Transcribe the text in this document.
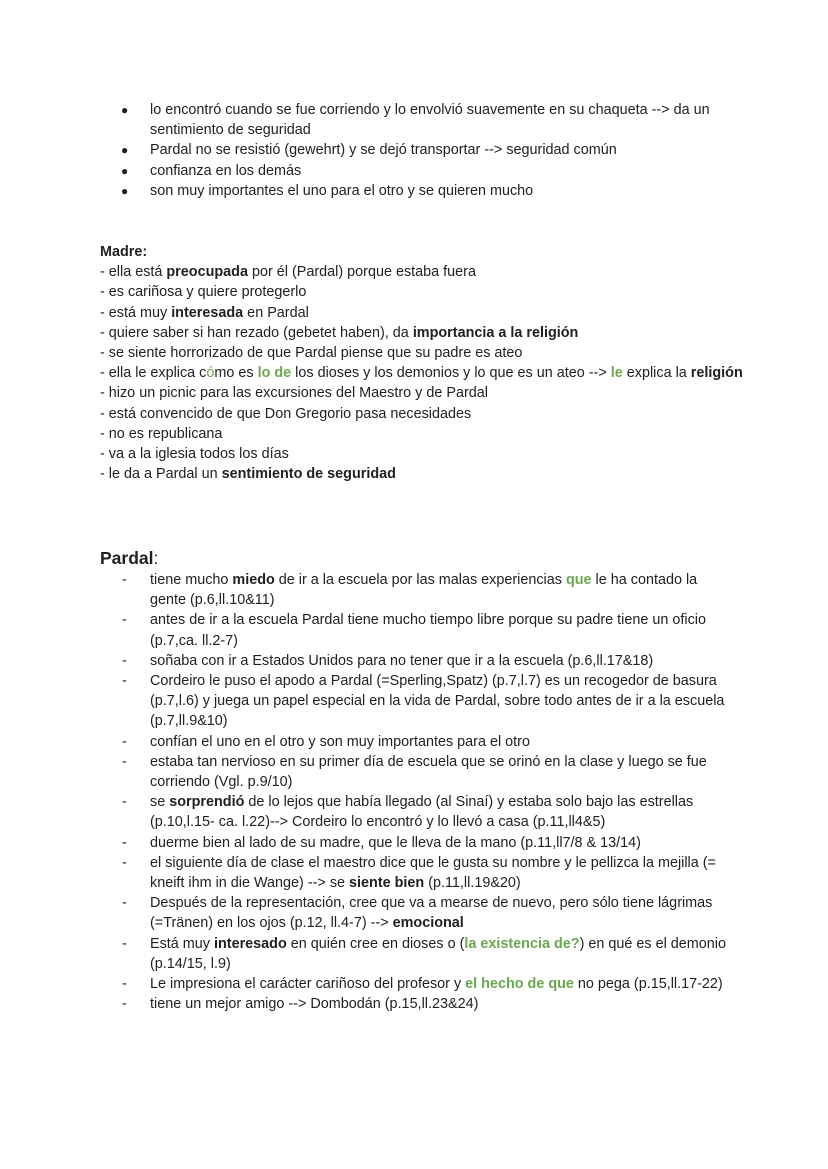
● lo encontró cuando se fue corriendo y lo envolvió suavemente en su chaqueta --> da un sentimiento de seguridad
● Pardal no se resistió (gewehrt) y se dejó transportar --> seguridad común
● confianza en los demás
● son muy importantes el uno para el otro y se quieren mucho
Madre:
- ella está preocupada por él (Pardal) porque estaba fuera
- es cariñosa y quiere protegerlo
- está muy interesada en Pardal
- quiere saber si han rezado (gebetet haben), da importancia a la religión
- se siente horrorizado de que Pardal piense que su padre es ateo
- ella le explica cómo es lo de los dioses y los demonios y lo que es un ateo --> le explica la religión
- hizo un picnic para las excursiones del Maestro y de Pardal
- está convencido de que Don Gregorio pasa necesidades
- no es republicana
- va a la iglesia todos los días
- le da a Pardal un sentimiento de seguridad
Pardal:
- tiene mucho miedo de ir a la escuela por las malas experiencias que le ha contado la gente (p.6,ll.10&11)
- antes de ir a la escuela Pardal tiene mucho tiempo libre porque su padre tiene un oficio (p.7,ca. ll.2-7)
- soñaba con ir a Estados Unidos para no tener que ir a la escuela (p.6,ll.17&18)
- Cordeiro le puso el apodo a Pardal (=Sperling,Spatz) (p.7,l.7) es un recogedor de basura (p.7,l.6) y juega un papel especial en la vida de Pardal, sobre todo antes de ir a la escuela (p.7,ll.9&10)
- confían el uno en el otro y son muy importantes para el otro
- estaba tan nervioso en su primer día de escuela que se orinó en la clase y luego se fue corriendo (Vgl. p.9/10)
- se sorprendió de lo lejos que había llegado (al Sinaí) y estaba solo bajo las estrellas (p.10,l.15- ca. l.22)--> Cordeiro lo encontró y lo llevó a casa (p.11,ll4&5)
- duerme bien al lado de su madre, que le lleva de la mano (p.11,ll7/8 & 13/14)
- el siguiente día de clase el maestro dice que le gusta su nombre y le pellizca la mejilla (= kneift ihm in die Wange) --> se siente bien (p.11,ll.19&20)
- Después de la representación, cree que va a mearse de nuevo, pero sólo tiene lágrimas (=Tränen) en los ojos (p.12, ll.4-7) --> emocional
- Está muy interesado en quién cree en dioses o (la existencia de?) en qué es el demonio (p.14/15, l.9)
- Le impresiona el carácter cariñoso del profesor y el hecho de que no pega (p.15,ll.17-22)
- tiene un mejor amigo --> Dombodán (p.15,ll.23&24)
